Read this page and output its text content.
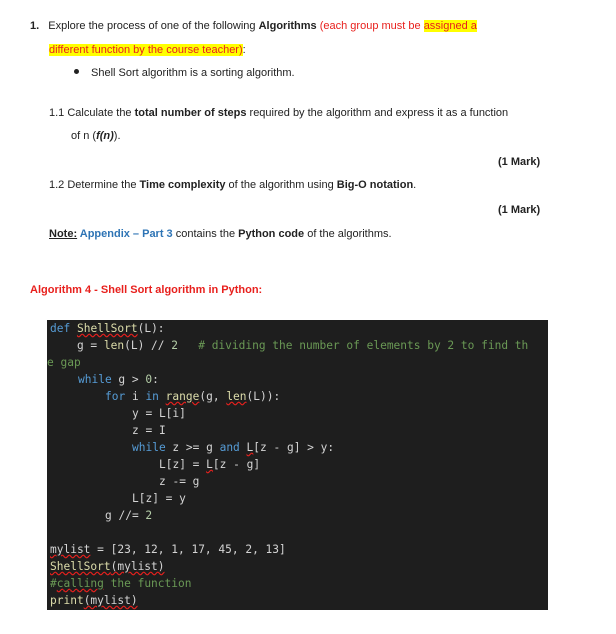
1. Explore the process of one of the following Algorithms (each group must be assigned a
different function by the course teacher):
Shell Sort algorithm is a sorting algorithm.
1.1 Calculate the total number of steps required by the algorithm and express it as a function
of n (f(n)).
(1 Mark)
1.2 Determine the Time complexity of the algorithm using Big-O notation.
(1 Mark)
Note: Appendix – Part 3 contains the Python code of the algorithms.
Algorithm 4 - Shell Sort algorithm in Python:
def ShellSort(L):
g = len(L) // 2   # dividing the number of elements by 2 to find th
e gap
while g > 0:
for i in range(g, len(L)):
y = L[i]
z = I
while z >= g and L[z - g] > y:
L[z] = L[z - g]
z -= g
L[z] = y
g //= 2
mylist = [23, 12, 1, 17, 45, 2, 13]
ShellSort(mylist)
#calling the function
print(mylist)
